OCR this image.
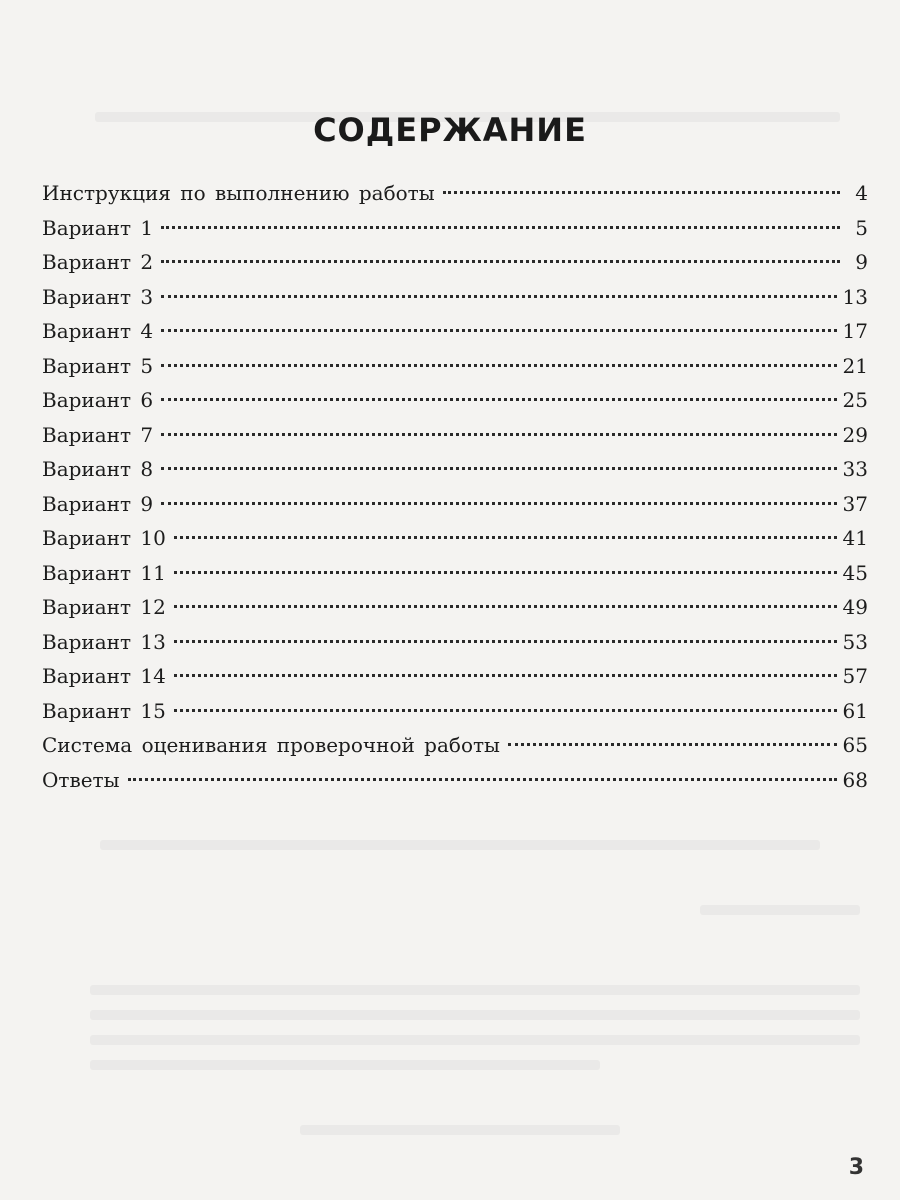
СОДЕРЖАНИЕ
Инструкция по выполнению работы	4
Вариант 1	5
Вариант 2	9
Вариант 3	13
Вариант 4	17
Вариант 5	21
Вариант 6	25
Вариант 7	29
Вариант 8	33
Вариант 9	37
Вариант 10	41
Вариант 11	45
Вариант 12	49
Вариант 13	53
Вариант 14	57
Вариант 15	61
Система оценивания проверочной работы	65
Ответы	68
3
